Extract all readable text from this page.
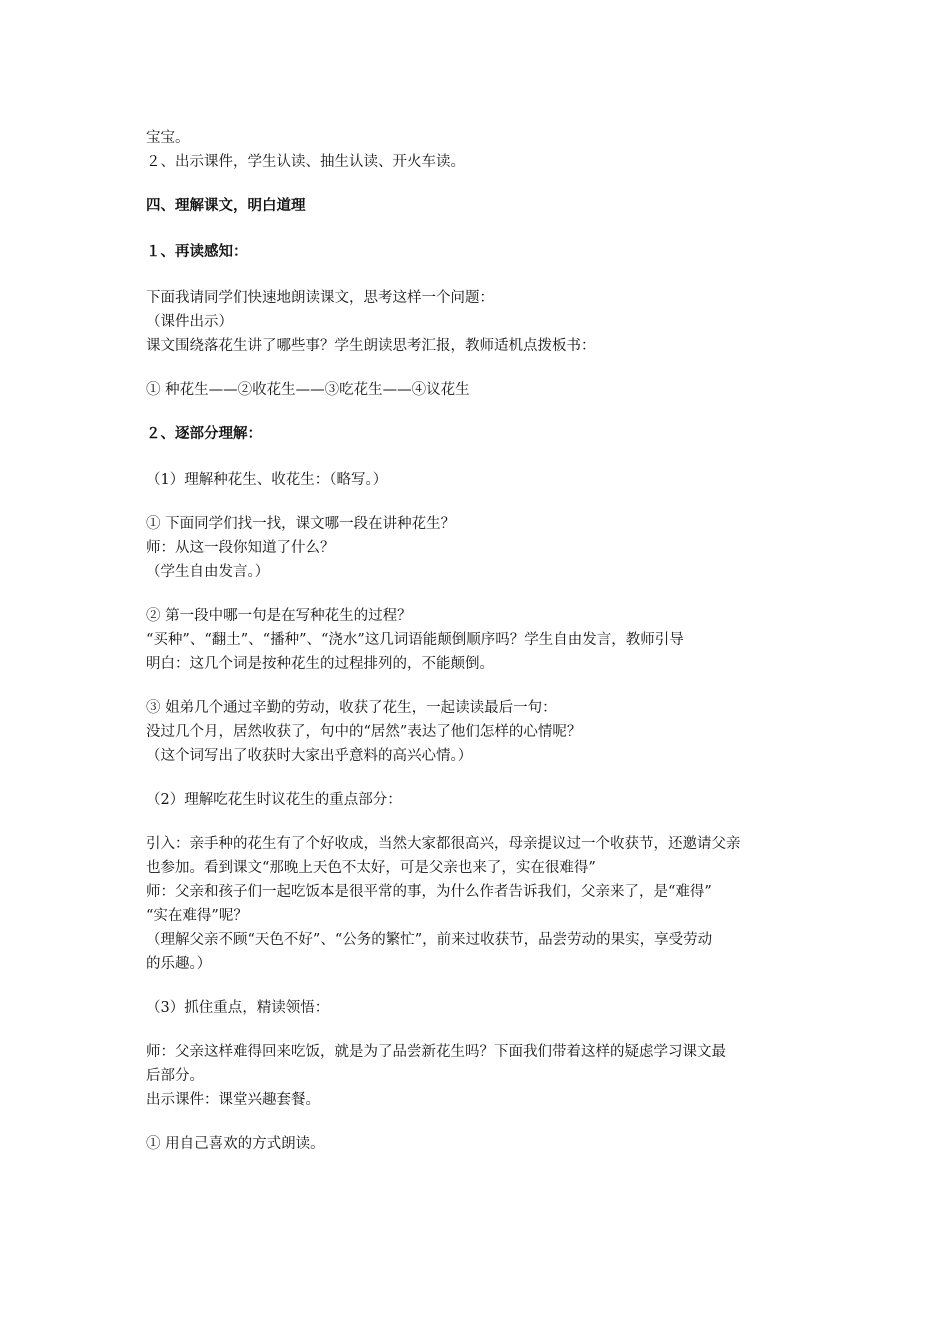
宝宝。
２、出示课件，学生认读、抽生认读、开火车读。
四、理解课文，明白道理
１、再读感知：
下面我请同学们快速地朗读课文，思考这样一个问题：
（课件出示）
课文围绕落花生讲了哪些事？学生朗读思考汇报，教师适机点拨板书：
① 种花生——②收花生——③吃花生——④议花生
２、逐部分理解：
（1）理解种花生、收花生：（略写。）
① 下面同学们找一找，课文哪一段在讲种花生？
师：从这一段你知道了什么？
（学生自由发言。）
② 第一段中哪一句是在写种花生的过程？
“买种”、“翻土”、“播种”、“浇水”这几词语能颠倒顺序吗？学生自由发言，教师引导
明白：这几个词是按种花生的过程排列的，不能颠倒。
③ 姐弟几个通过辛勤的劳动，收获了花生，一起读读最后一句：
没过几个月，居然收获了，句中的“居然”表达了他们怎样的心情呢？
（这个词写出了收获时大家出乎意料的高兴心情。）
（2）理解吃花生时议花生的重点部分：
引入：亲手种的花生有了个好收成，当然大家都很高兴，母亲提议过一个收获节，还邀请父亲
也参加。看到课文“那晚上天色不太好，可是父亲也来了，实在很难得”
师：父亲和孩子们一起吃饭本是很平常的事，为什么作者告诉我们，父亲来了，是“难得”
“实在难得”呢？
（理解父亲不顾“天色不好”、“公务的繁忙”，前来过收获节，品尝劳动的果实，享受劳动
的乐趣。）
（3）抓住重点，精读领悟：
师：父亲这样难得回来吃饭，就是为了品尝新花生吗？下面我们带着这样的疑虑学习课文最
后部分。
出示课件：课堂兴趣套餐。
① 用自己喜欢的方式朗读。
